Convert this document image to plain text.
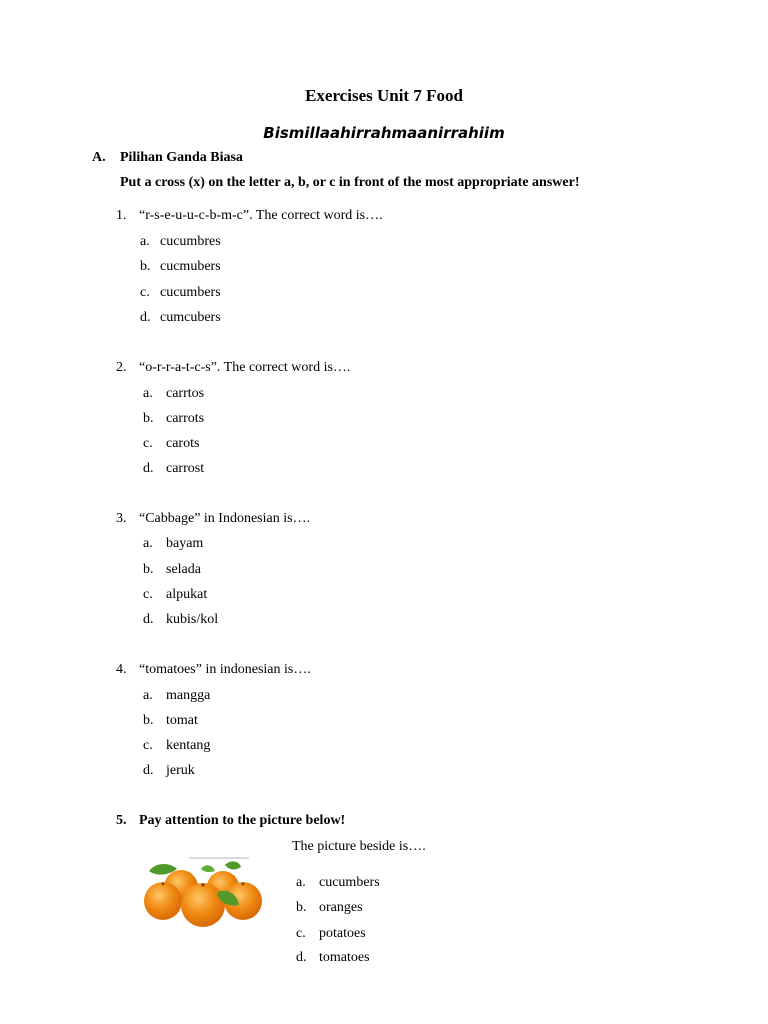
Exercises Unit 7 Food
Bismillaahirrahmaanirrahiim
A. Pilihan Ganda Biasa
Put a cross (x) on the letter a, b, or c in front of the most appropriate answer!
1. “r-s-e-u-u-c-b-m-c”. The correct word is….
a. cucumbres
b. cucmubers
c. cucumbers
d. cumcubers
2. “o-r-r-a-t-c-s”. The correct word is….
a. carrtos
b. carrots
c. carots
d. carrost
3. “Cabbage” in Indonesian is….
a. bayam
b. selada
c. alpukat
d. kubis/kol
4. “tomatoes” in indonesian is….
a. mangga
b. tomat
c. kentang
d. jeruk
5. Pay attention to the picture below!
The picture beside is….
a. cucumbers
b. oranges
c. potatoes
d. tomatoes
